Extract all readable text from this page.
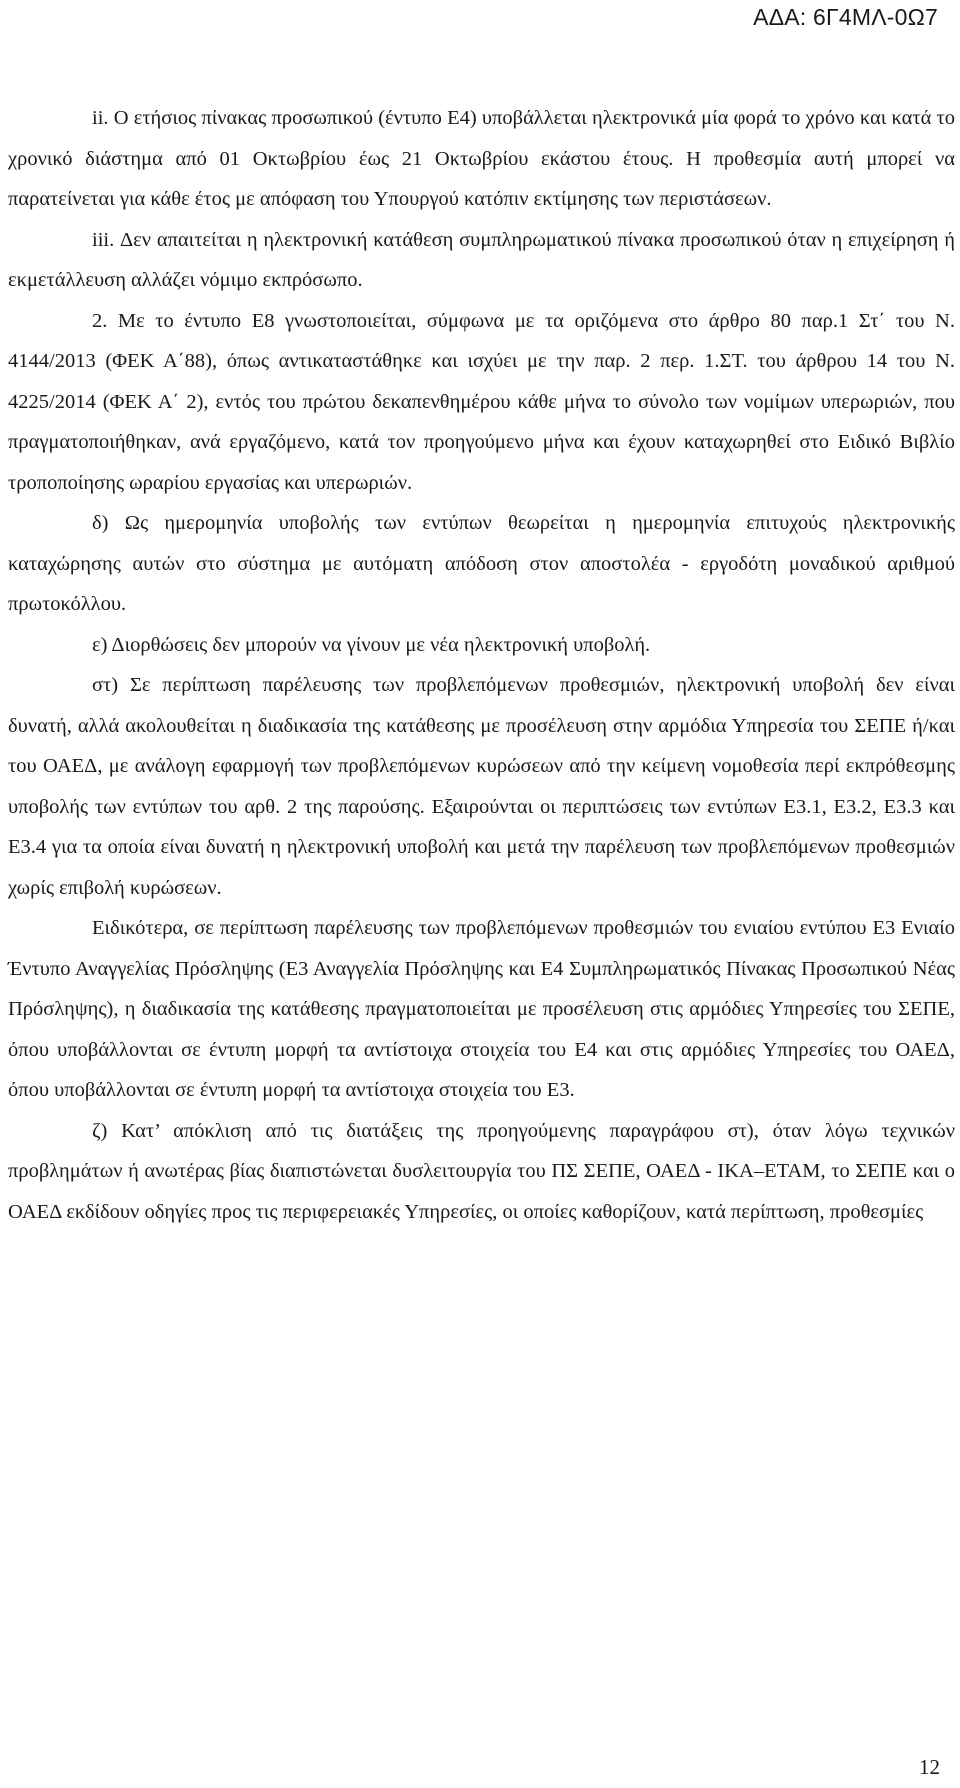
ΑΔΑ: 6Γ4ΜΛ-0Ω7

ii. Ο ετήσιος πίνακας προσωπικού (έντυπο Ε4) υποβάλλεται ηλεκτρονικά μία φορά το χρόνο και κατά το χρονικό διάστημα από 01 Οκτωβρίου έως 21 Οκτωβρίου εκάστου έτους. Η προθεσμία αυτή μπορεί να παρατείνεται για κάθε έτος με απόφαση του Υπουργού κατόπιν εκτίμησης των περιστάσεων.

iii. Δεν απαιτείται η ηλεκτρονική κατάθεση συμπληρωματικού πίνακα προσωπικού όταν η επιχείρηση ή εκμετάλλευση αλλάζει νόμιμο εκπρόσωπο.

2. Με το έντυπο Ε8 γνωστοποιείται, σύμφωνα με τα οριζόμενα στο άρθρο 80 παρ.1 Στ΄ του Ν. 4144/2013 (ΦΕΚ Α΄88), όπως αντικαταστάθηκε και ισχύει με την παρ. 2 περ. 1.ΣΤ. του άρθρου 14 του Ν. 4225/2014 (ΦΕΚ Α΄ 2), εντός του πρώτου δεκαπενθημέρου κάθε μήνα το σύνολο των νομίμων υπερωριών, που πραγματοποιήθηκαν, ανά εργαζόμενο, κατά τον προηγούμενο μήνα και έχουν καταχωρηθεί στο Ειδικό Βιβλίο τροποποίησης ωραρίου εργασίας και υπερωριών.

δ) Ως ημερομηνία υποβολής των εντύπων θεωρείται η ημερομηνία επιτυχούς ηλεκτρονικής καταχώρησης αυτών στο σύστημα με αυτόματη απόδοση στον αποστολέα - εργοδότη μοναδικού αριθμού πρωτοκόλλου.

ε) Διορθώσεις δεν μπορούν να γίνουν με νέα ηλεκτρονική υποβολή.

στ) Σε περίπτωση παρέλευσης των προβλεπόμενων προθεσμιών, ηλεκτρονική υποβολή δεν είναι δυνατή, αλλά ακολουθείται η διαδικασία της κατάθεσης με προσέλευση στην αρμόδια Υπηρεσία του ΣΕΠΕ ή/και του ΟΑΕΔ, με ανάλογη εφαρμογή των προβλεπόμενων κυρώσεων από την κείμενη νομοθεσία περί εκπρόθεσμης υποβολής των εντύπων του αρθ. 2 της παρούσης. Εξαιρούνται οι περιπτώσεις των εντύπων Ε3.1, Ε3.2, Ε3.3 και Ε3.4 για τα οποία είναι δυνατή η ηλεκτρονική υποβολή και μετά την παρέλευση των προβλεπόμενων προθεσμιών χωρίς επιβολή κυρώσεων.

Ειδικότερα, σε περίπτωση παρέλευσης των προβλεπόμενων προθεσμιών του ενιαίου εντύπου Ε3 Ενιαίο Έντυπο Αναγγελίας Πρόσληψης (Ε3 Αναγγελία Πρόσληψης και Ε4 Συμπληρωματικός Πίνακας Προσωπικού Νέας Πρόσληψης), η διαδικασία της κατάθεσης πραγματοποιείται με προσέλευση στις αρμόδιες Υπηρεσίες του ΣΕΠΕ, όπου υποβάλλονται σε έντυπη μορφή τα αντίστοιχα στοιχεία του Ε4 και στις αρμόδιες Υπηρεσίες του ΟΑΕΔ, όπου υποβάλλονται σε έντυπη μορφή τα αντίστοιχα στοιχεία του Ε3.

ζ) Κατ’ απόκλιση από τις διατάξεις της προηγούμενης παραγράφου στ), όταν λόγω τεχνικών προβλημάτων ή ανωτέρας βίας διαπιστώνεται δυσλειτουργία του ΠΣ ΣΕΠΕ, ΟΑΕΔ - ΙΚΑ–ΕΤΑΜ, το ΣΕΠΕ και ο ΟΑΕΔ εκδίδουν οδηγίες προς τις περιφερειακές Υπηρεσίες, οι οποίες καθορίζουν, κατά περίπτωση, προθεσμίες

12
